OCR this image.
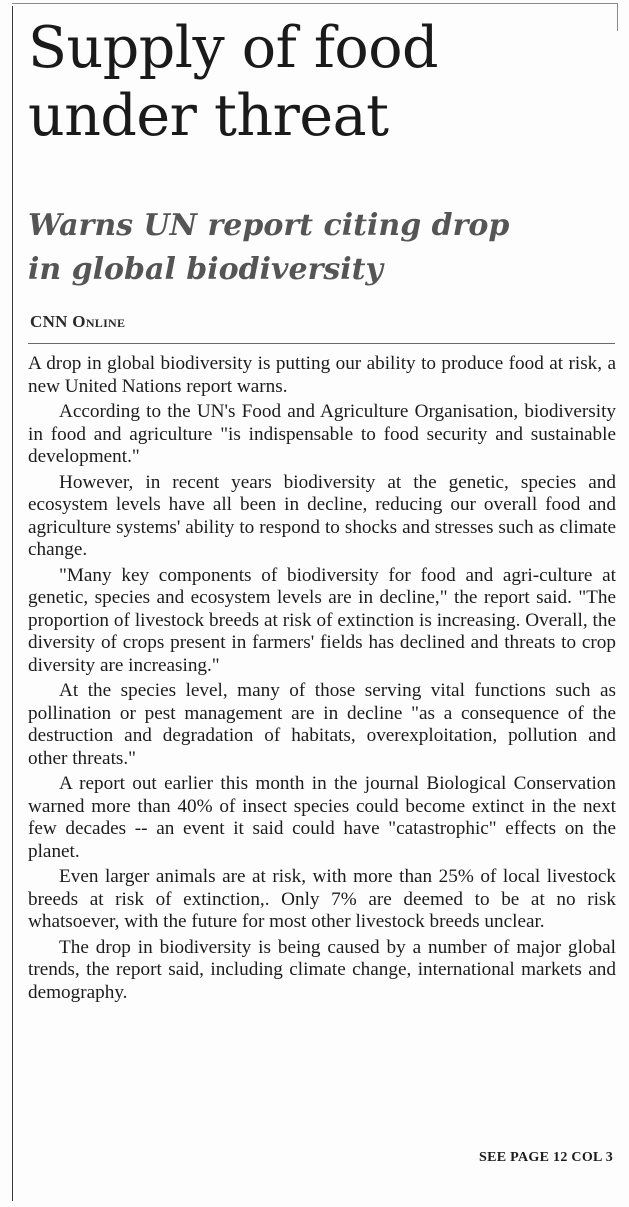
Supply of food
under threat
Warns UN report citing drop
in global biodiversity
CNN Online

A drop in global biodiversity is putting our ability to produce food at risk, a new United Nations report warns.

According to the UN's Food and Agriculture Organisation, biodiversity in food and agriculture "is indispensable to food security and sustainable development."

However, in recent years biodiversity at the genetic, species and ecosystem levels have all been in decline, reducing our overall food and agriculture systems' ability to respond to shocks and stresses such as climate change.

"Many key components of biodiversity for food and agri-culture at genetic, species and ecosystem levels are in decline," the report said. "The proportion of livestock breeds at risk of extinction is increasing. Overall, the diversity of crops present in farmers' fields has declined and threats to crop diversity are increasing."

At the species level, many of those serving vital functions such as pollination or pest management are in decline "as a consequence of the destruction and degradation of habitats, overexploitation, pollution and other threats."

A report out earlier this month in the journal Biological Conservation warned more than 40% of insect species could become extinct in the next few decades -- an event it said could have "catastrophic" effects on the planet.

Even larger animals are at risk, with more than 25% of local livestock breeds at risk of extinction,. Only 7% are deemed to be at no risk whatsoever, with the future for most other livestock breeds unclear.

The drop in biodiversity is being caused by a number of major global trends, the report said, including climate change, international markets and demography.

SEE PAGE 12 COL 3
